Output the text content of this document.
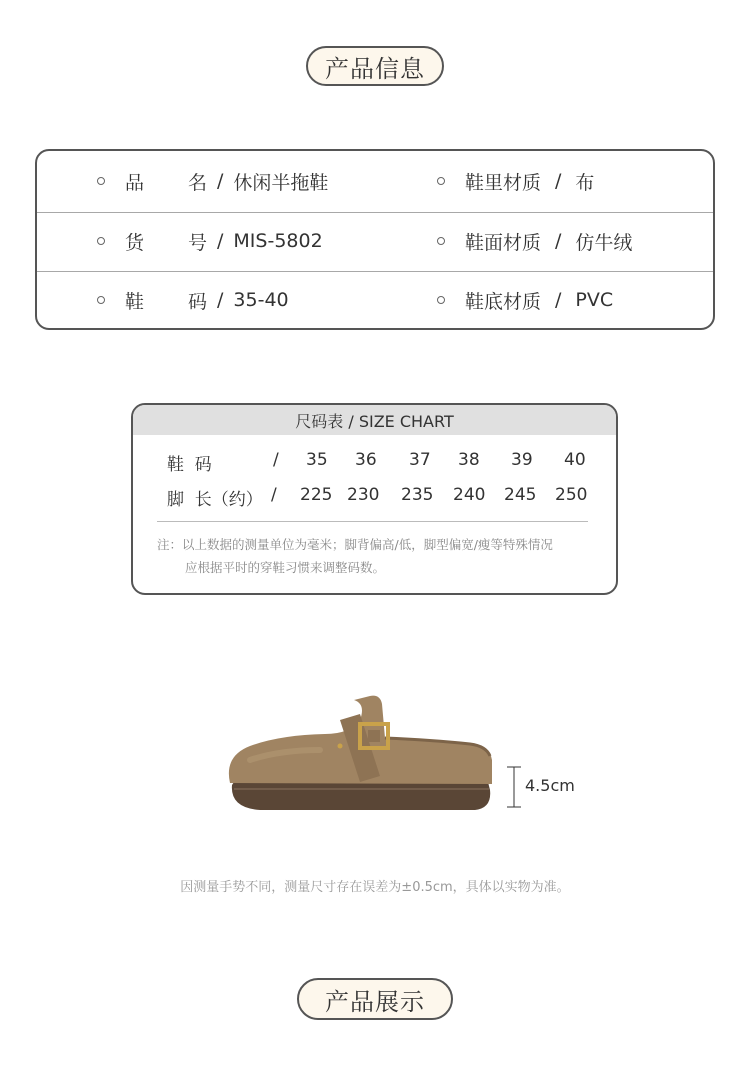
产品信息
品名 / 休闲半拖鞋	鞋里材质 / 布
货号 / MIS-5802	鞋面材质 / 仿牛绒
鞋码 / 35-40	鞋底材质 / PVC
尺码表 / SIZE CHART
鞋  码	/ 35 36 37 38 39 40
脚  长（约） / 225 230 235 240 245 250
注：以上数据的测量单位为毫米；脚背偏高/低，脚型偏宽/瘦等特殊情况
应根据平时的穿鞋习惯来调整码数。
4.5cm
因测量手势不同，测量尺寸存在误差为±0.5cm，具体以实物为准。
产品展示
